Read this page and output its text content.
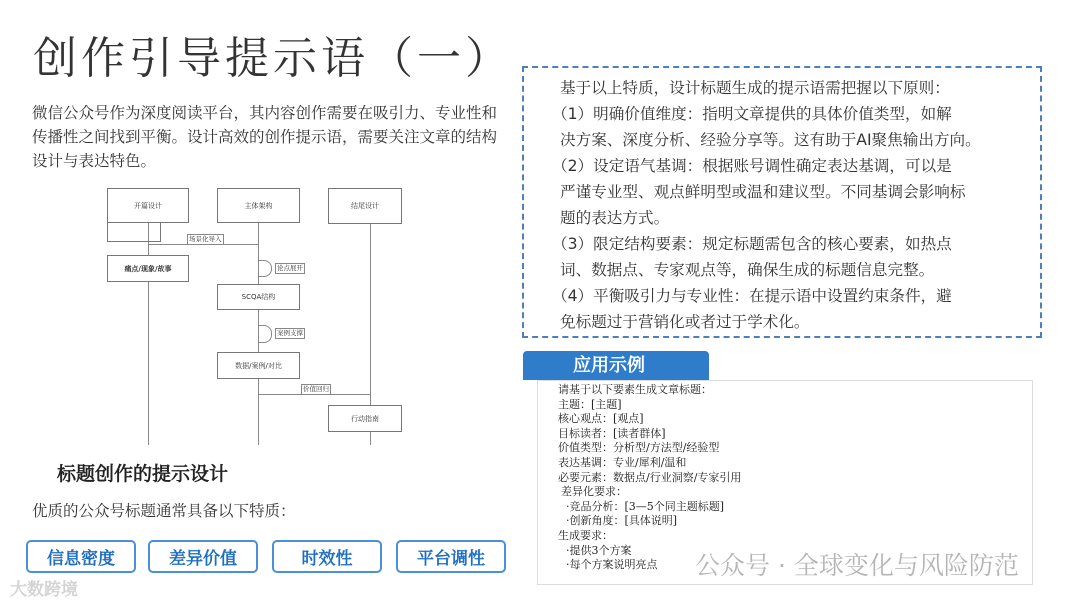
创作引导提示语（一）

微信公众号作为深度阅读平台，其内容创作需要在吸引力、专业性和传播性之间找到平衡。设计高效的创作提示语，需要关注文章的结构设计与表达特色。

开篇设计	主体架构	结尾设计
场景化导入
痛点/现象/故事	论点展开
SCQA结构
案例支撑
数据/案例/对比
价值回归
行动指南
标题创作的提示设计
优质的公众号标题通常具备以下特质：
信息密度	差异价值	时效性	平台调性
基于以上特质，设计标题生成的提示语需把握以下原则：
（1）明确价值维度：指明文章提供的具体价值类型，如解
决方案、深度分析、经验分享等。这有助于AI聚焦输出方向。
（2）设定语气基调：根据账号调性确定表达基调，可以是
严谨专业型、观点鲜明型或温和建议型。不同基调会影响标
题的表达方式。
（3）限定结构要素：规定标题需包含的核心要素，如热点
词、数据点、专家观点等，确保生成的标题信息完整。
（4）平衡吸引力与专业性：在提示语中设置约束条件，避
免标题过于营销化或者过于学术化。
应用示例
请基于以下要素生成文章标题：
主题：[主题]
核心观点：[观点]
目标读者：[读者群体]
价值类型：分析型/方法型/经验型
表达基调：专业/犀利/温和
必要元素：数据点/行业洞察/专家引用
差异化要求：
·竞品分析：[3—5个同主题标题]
·创新角度：[具体说明]
生成要求：
·提供3个方案
·每个方案说明亮点
大数跨境
公众号 · 全球变化与风险防范
